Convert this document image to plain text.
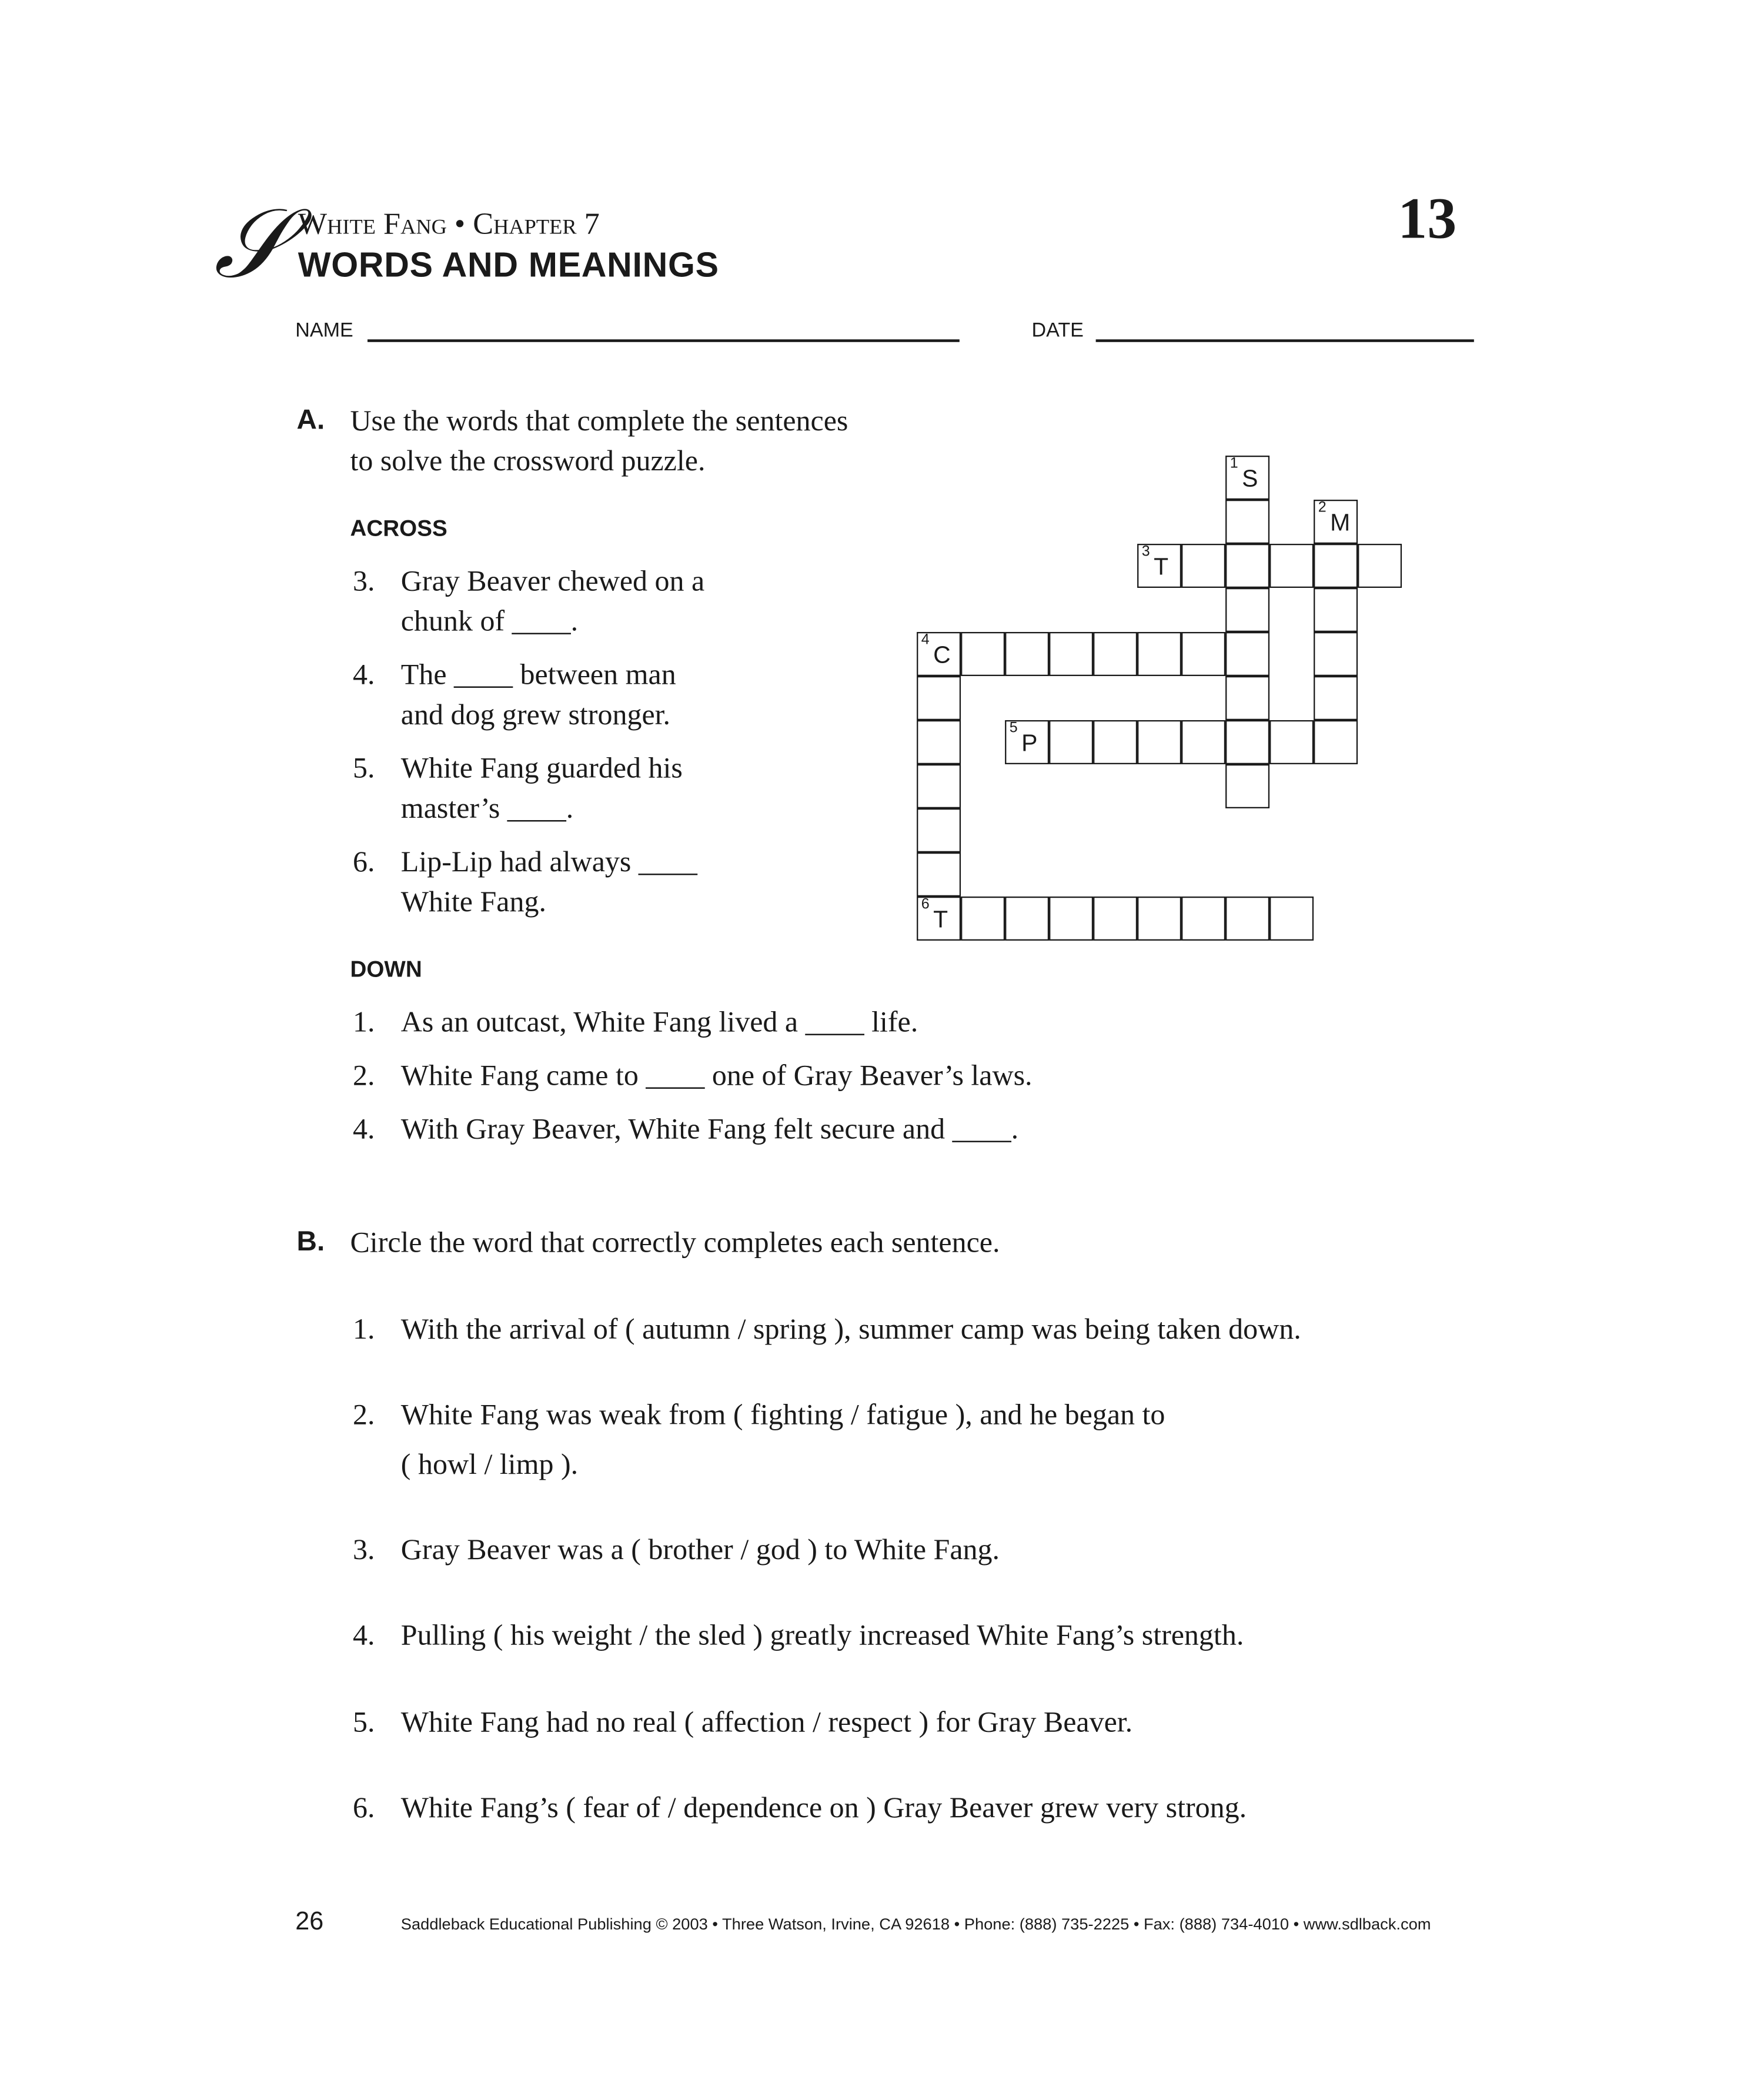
𝒮 White Fang • Chapter 7
WORDS AND MEANINGS
13
NAME	DATE
A. Use the words that complete the sentences
to solve the crossword puzzle.
ACROSS
3. Gray Beaver chewed on a
chunk of ____.
4. The ____ between man
and dog grew stronger.
5. White Fang guarded his
master’s ____.
6. Lip-Lip had always ____
White Fang.
DOWN
1. As an outcast, White Fang lived a ____ life.
2. White Fang came to ____ one of Gray Beaver’s laws.
4. With Gray Beaver, White Fang felt secure and ____.
1
S
2
M
3
T
4
C
6
T
5
P
B. Circle the word that correctly completes each sentence.
1. With the arrival of ( autumn / spring ), summer camp was being taken down.
2. White Fang was weak from ( fighting / fatigue ), and he began to
( howl / limp ).
3. Gray Beaver was a ( brother / god ) to White Fang.
4. Pulling ( his weight / the sled ) greatly increased White Fang’s strength.
5. White Fang had no real ( affection / respect ) for Gray Beaver.
6. White Fang’s ( fear of / dependence on ) Gray Beaver grew very strong.
26	Saddleback Educational Publishing © 2003 • Three Watson, Irvine, CA 92618 • Phone: (888) 735-2225 • Fax: (888) 734-4010 • www.sdlback.com
